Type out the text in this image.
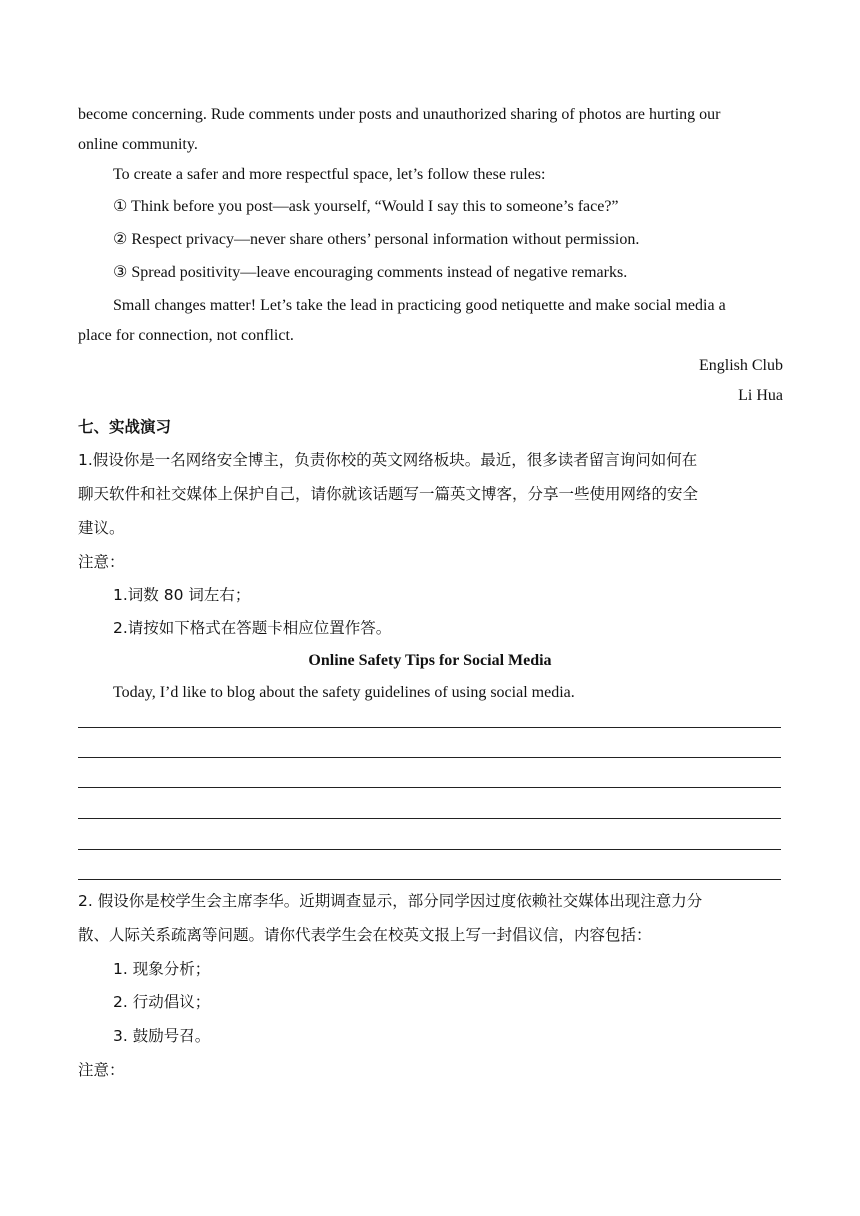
become concerning. Rude comments under posts and unauthorized sharing of photos are hurting our
online community.
To create a safer and more respectful space, let’s follow these rules:
① Think before you post—ask yourself, “Would I say this to someone’s face?”
② Respect privacy—never share others’ personal information without permission.
③ Spread positivity—leave encouraging comments instead of negative remarks.
Small changes matter! Let’s take the lead in practicing good netiquette and make social media a
place for connection, not conflict.
English Club
Li Hua
七、实战演习
1.假设你是一名网络安全博主，负责你校的英文网络板块。最近，很多读者留言询问如何在
聊天软件和社交媒体上保护自己，请你就该话题写一篇英文博客，分享一些使用网络的安全
建议。
注意：
1.词数 80 词左右；
2.请按如下格式在答题卡相应位置作答。
Online Safety Tips for Social Media
Today, I’d like to blog about the safety guidelines of using social media.
2. 假设你是校学生会主席李华。近期调查显示，部分同学因过度依赖社交媒体出现注意力分
散、人际关系疏离等问题。请你代表学生会在校英文报上写一封倡议信，内容包括：
1. 现象分析；
2. 行动倡议；
3. 鼓励号召。
注意：
